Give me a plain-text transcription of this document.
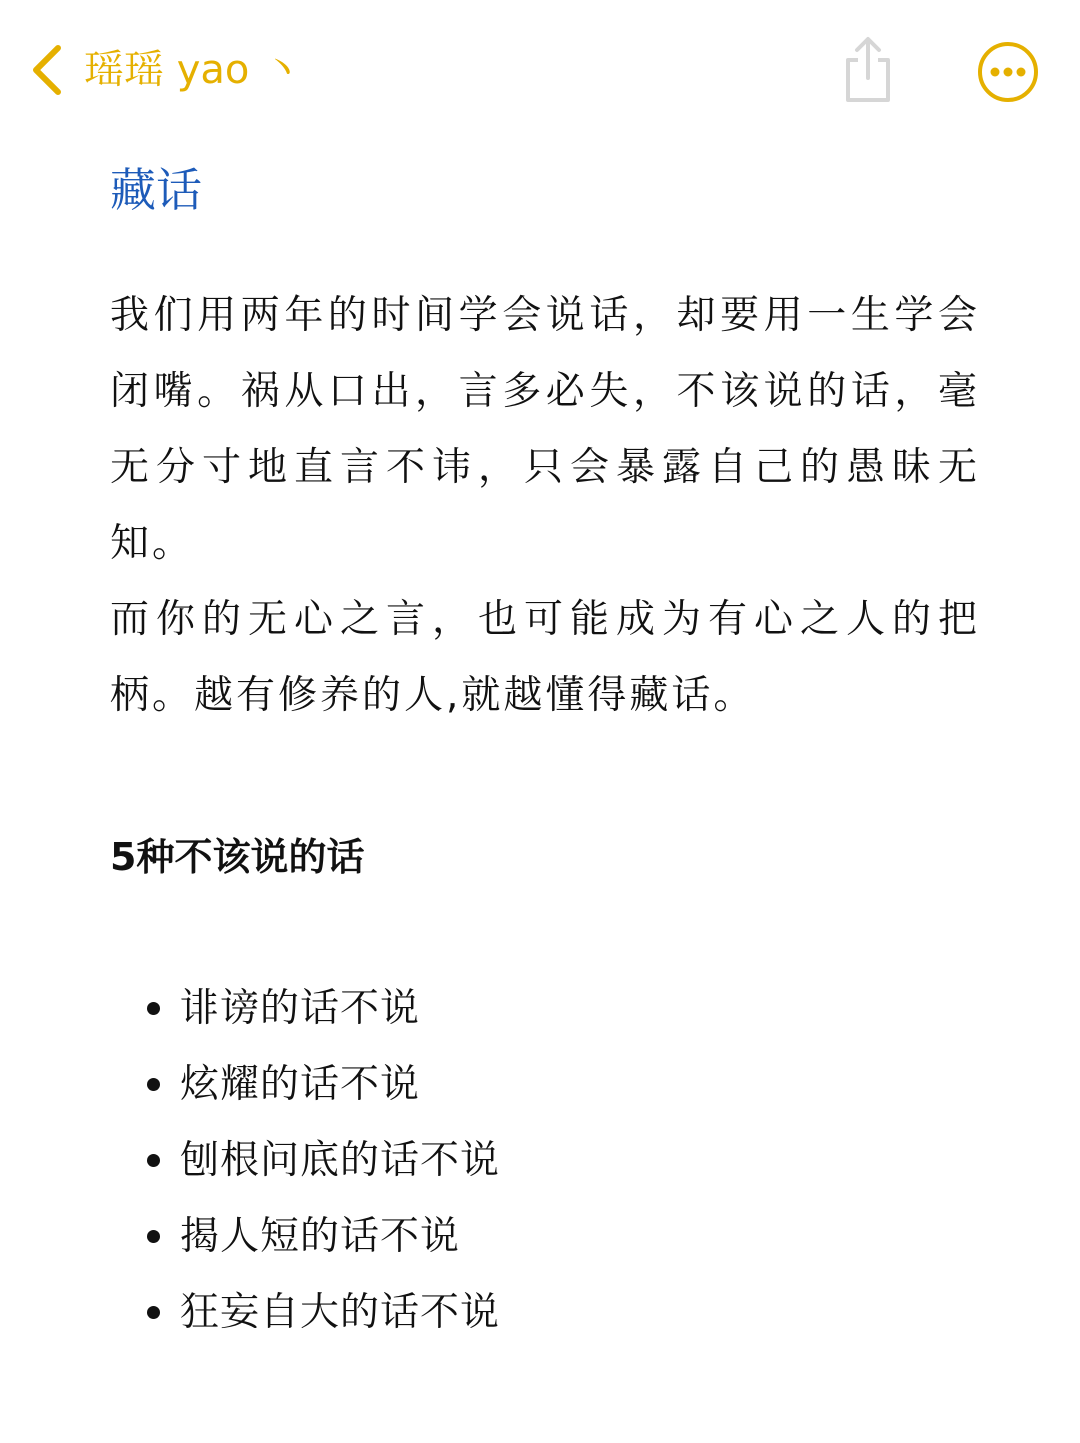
瑶瑶 yao 丶
藏话

我们用两年的时间学会说话，却要用一生学会闭嘴。祸从口出，言多必失，不该说的话，毫无分寸地直言不讳，只会暴露自己的愚昧无知。

而你的无心之言，也可能成为有心之人的把柄。越有修养的人,就越懂得藏话。

5种不该说的话
诽谤的话不说
炫耀的话不说
刨根问底的话不说
揭人短的话不说
狂妄自大的话不说
